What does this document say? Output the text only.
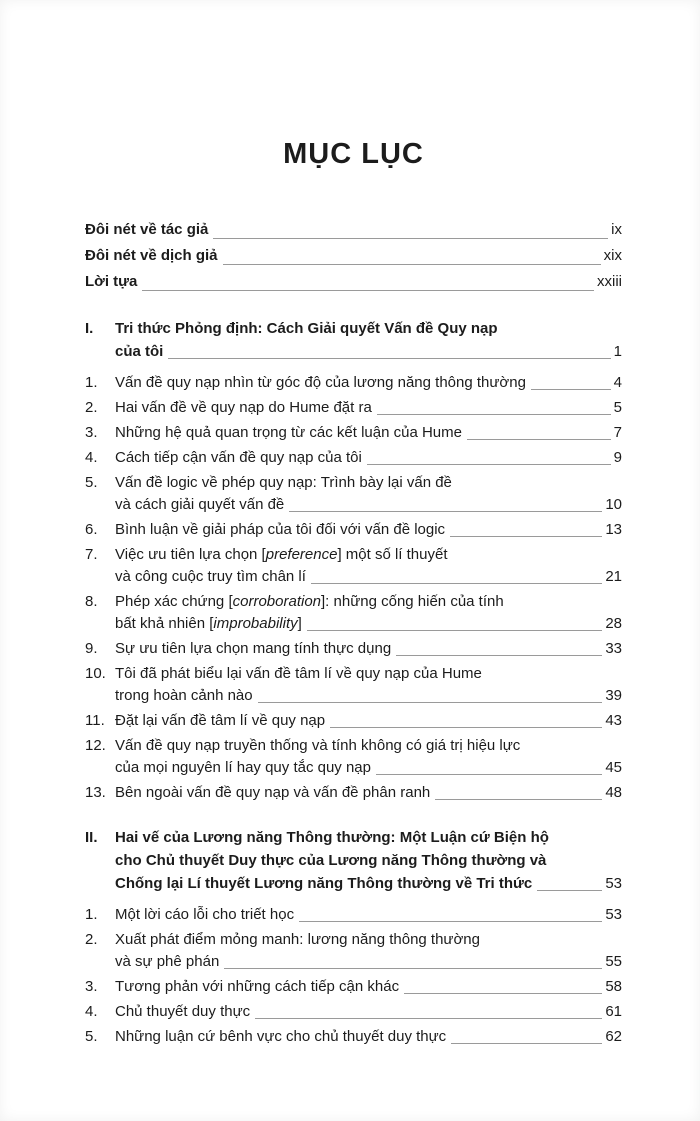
MỤC LỤC
Đôi nét về tác giả	ix
Đôi nét về dịch giả	xix
Lời tựa	xxiii
I.	Tri thức Phỏng định: Cách Giải quyết Vấn đề Quy nạp
của tôi	1
1.	Vấn đề quy nạp nhìn từ góc độ của lương năng thông thường	4
2.	Hai vấn đề về quy nạp do Hume đặt ra	5
3.	Những hệ quả quan trọng từ các kết luận của Hume	7
4.	Cách tiếp cận vấn đề quy nạp của tôi	9
5.	Vấn đề logic về phép quy nạp: Trình bày lại vấn đề
và cách giải quyết vấn đề	10
6.	Bình luận về giải pháp của tôi đối với vấn đề logic	13
7.	Việc ưu tiên lựa chọn [preference] một số lí thuyết
và công cuộc truy tìm chân lí	21
8.	Phép xác chứng [corroboration]: những cống hiến của tính
bất khả nhiên [improbability]	28
9.	Sự ưu tiên lựa chọn mang tính thực dụng	33
10. Tôi đã phát biểu lại vấn đề tâm lí về quy nạp của Hume
trong hoàn cảnh nào	39
11. Đặt lại vấn đề tâm lí về quy nạp	43
12. Vấn đề quy nạp truyền thống và tính không có giá trị hiệu lực
của mọi nguyên lí hay quy tắc quy nạp	45
13. Bên ngoài vấn đề quy nạp và vấn đề phân ranh	48
II.	Hai vế của Lương năng Thông thường: Một Luận cứ Biện hộ
cho Chủ thuyết Duy thực của Lương năng Thông thường và
Chống lại Lí thuyết Lương năng Thông thường về Tri thức	53
1.	Một lời cáo lỗi cho triết học	53
2.	Xuất phát điểm mỏng manh: lương năng thông thường
và sự phê phán	55
3.	Tương phản với những cách tiếp cận khác	58
4.	Chủ thuyết duy thực	61
5.	Những luận cứ bênh vực cho chủ thuyết duy thực	62
